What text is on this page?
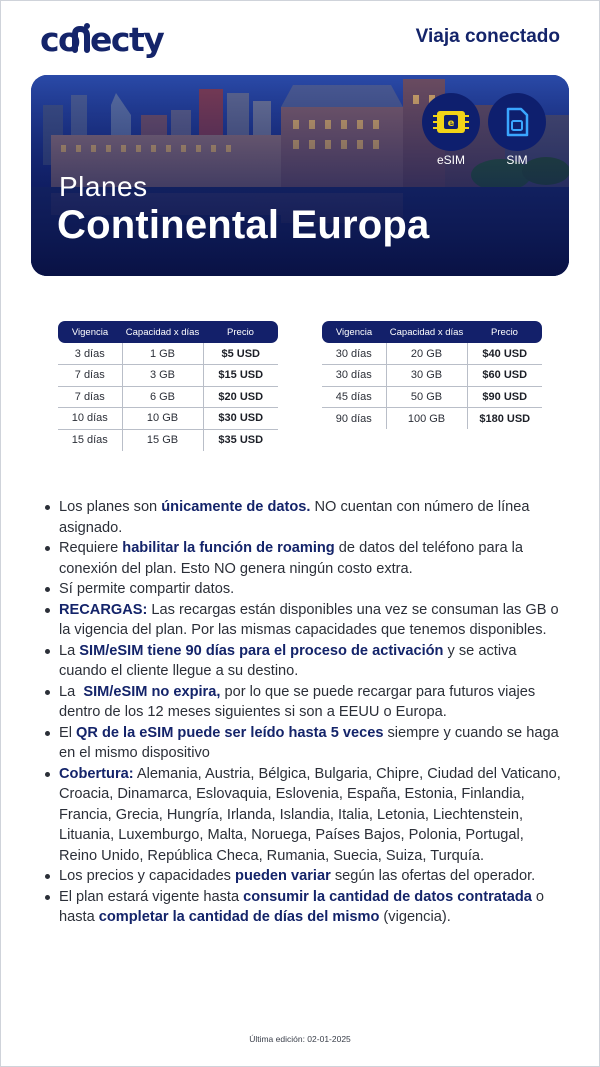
co ecty	Viaja conectado
Planes
Continental Europa
e
eSIM	SIM
Vigencia	Capacidad x días	Precio
3 días	1 GB	$5 USD
7 días	3 GB	$15 USD
7 días	6 GB	$20 USD
10 días	10 GB	$30 USD
15 días	15 GB	$35 USD
Vigencia	Capacidad x días	Precio
30 días	20 GB	$40 USD
30 días	30 GB	$60 USD
45 días	50 GB	$90 USD
90 días	100 GB	$180 USD
Los planes son únicamente de datos. NO cuentan con número de línea asignado.
Requiere habilitar la función de roaming de datos del teléfono para la conexión del plan. Esto NO genera ningún costo extra.
Sí permite compartir datos.
RECARGAS: Las recargas están disponibles una vez se consuman las GB o la vigencia del plan. Por las mismas capacidades que tenemos disponibles.
La SIM/eSIM tiene 90 días para el proceso de activación y se activa cuando el cliente llegue a su destino.
La  SIM/eSIM no expira, por lo que se puede recargar para futuros viajes dentro de los 12 meses siguientes si son a EEUU o Europa.
El QR de la eSIM puede ser leído hasta 5 veces siempre y cuando se haga en el mismo dispositivo
Cobertura: Alemania, Austria, Bélgica, Bulgaria, Chipre, Ciudad del Vaticano, Croacia, Dinamarca, Eslovaquia, Eslovenia, España, Estonia, Finlandia, Francia, Grecia, Hungría, Irlanda, Islandia, Italia, Letonia, Liechtenstein, Lituania, Luxemburgo, Malta, Noruega, Países Bajos, Polonia, Portugal, Reino Unido, República Checa, Rumania, Suecia, Suiza, Turquía.
Los precios y capacidades pueden variar según las ofertas del operador.
El plan estará vigente hasta consumir la cantidad de datos contratada o hasta completar la cantidad de días del mismo (vigencia).
Última edición: 02-01-2025
